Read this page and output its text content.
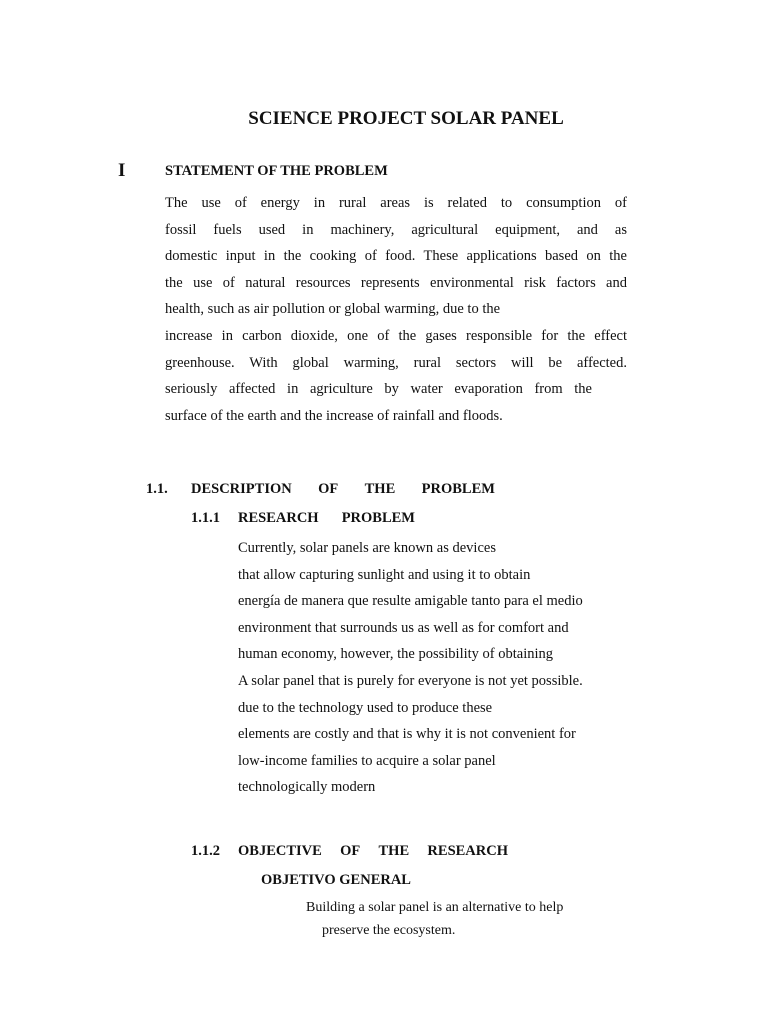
SCIENCE PROJECT SOLAR PANEL
I	STATEMENT OF THE PROBLEM
The use of energy in rural areas is related to consumption of
fossil fuels used in machinery, agricultural equipment, and as
domestic input in the cooking of food. These applications based on the
the use of natural resources represents environmental risk factors and
health, such as air pollution or global warming, due to the
increase in carbon dioxide, one of the gases responsible for the effect
greenhouse. With global warming, rural sectors will be affected.
seriously affected in agriculture by water evaporation from the
surface of the earth and the increase of rainfall and floods.
1.1. DESCRIPTION OF THE PROBLEM
1.1.1 RESEARCH PROBLEM
Currently, solar panels are known as devices
that allow capturing sunlight and using it to obtain
energía de manera que resulte amigable tanto para el medio
environment that surrounds us as well as for comfort and
human economy, however, the possibility of obtaining
A solar panel that is purely for everyone is not yet possible.
due to the technology used to produce these
elements are costly and that is why it is not convenient for
low-income families to acquire a solar panel
technologically modern
1.1.2 OBJECTIVE OF THE RESEARCH
OBJETIVO GENERAL
Building a solar panel is an alternative to help
preserve the ecosystem.
